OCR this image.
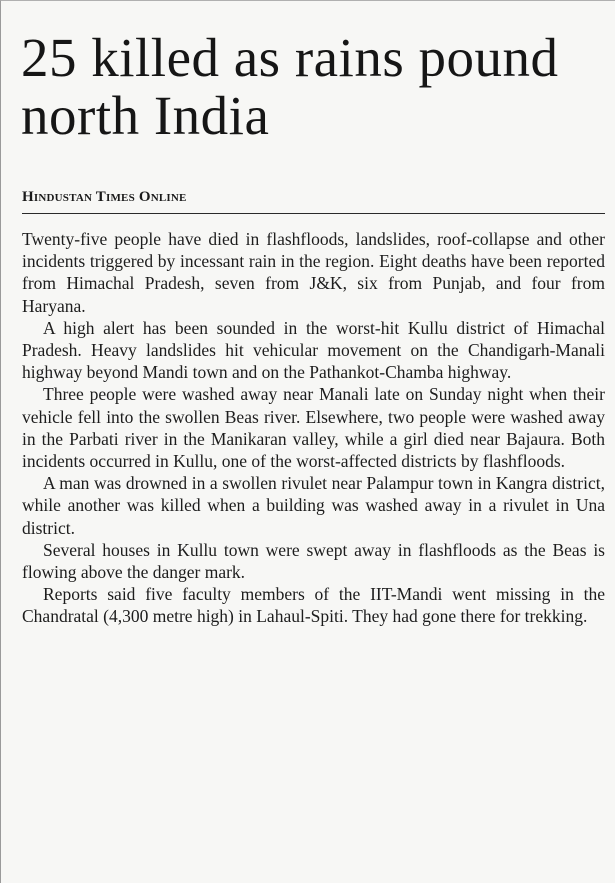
25 killed as rains pound north India
Hindustan Times Online

Twenty-five people have died in flashfloods, landslides, roof-collapse and other incidents triggered by incessant rain in the region. Eight deaths have been reported from Himachal Pradesh, seven from J&K, six from Punjab, and four from Haryana.

A high alert has been sounded in the worst-hit Kullu district of Himachal Pradesh. Heavy landslides hit vehicular movement on the Chandigarh-Manali highway beyond Mandi town and on the Pathankot-Chamba highway.

Three people were washed away near Manali late on Sunday night when their vehicle fell into the swollen Beas river. Elsewhere, two people were washed away in the Parbati river in the Manikaran valley, while a girl died near Bajaura. Both incidents occurred in Kullu, one of the worst-affected districts by flashfloods.

A man was drowned in a swollen rivulet near Palampur town in Kangra district, while another was killed when a building was washed away in a rivulet in Una district.

Several houses in Kullu town were swept away in flashfloods as the Beas is flowing above the danger mark.

Reports said five faculty members of the IIT-Mandi went missing in the Chandratal (4,300 metre high) in Lahaul-Spiti. They had gone there for trekking.
